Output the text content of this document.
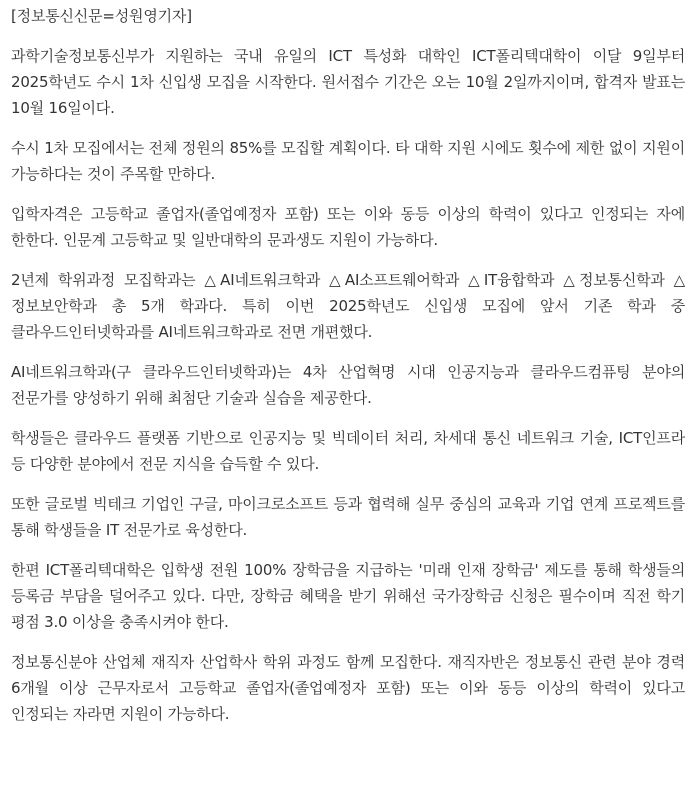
[정보통신신문=성원영기자]

과학기술정보통신부가 지원하는 국내 유일의 ICT 특성화 대학인 ICT폴리텍대학이 이달 9일부터 2025학년도 수시 1차 신입생 모집을 시작한다. 원서접수 기간은 오는 10월 2일까지이며, 합격자 발표는 10월 16일이다.

수시 1차 모집에서는 전체 정원의 85%를 모집할 계획이다. 타 대학 지원 시에도 횟수에 제한 없이 지원이 가능하다는 것이 주목할 만하다.

입학자격은 고등학교 졸업자(졸업예정자 포함) 또는 이와 동등 이상의 학력이 있다고 인정되는 자에 한한다. 인문계 고등학교 및 일반대학의 문과생도 지원이 가능하다.

2년제 학위과정 모집학과는 △AI네트워크학과 △AI소프트웨어학과 △IT융합학과 △정보통신학과 △정보보안학과 총 5개 학과다. 특히 이번 2025학년도 신입생 모집에 앞서 기존 학과 중 클라우드인터넷학과를 AI네트워크학과로 전면 개편했다.

AI네트워크학과(구 클라우드인터넷학과)는 4차 산업혁명 시대 인공지능과 클라우드컴퓨팅 분야의 전문가를 양성하기 위해 최첨단 기술과 실습을 제공한다.

학생들은 클라우드 플랫폼 기반으로 인공지능 및 빅데이터 처리, 차세대 통신 네트워크 기술, ICT인프라 등 다양한 분야에서 전문 지식을 습득할 수 있다.

또한 글로벌 빅테크 기업인 구글, 마이크로소프트 등과 협력해 실무 중심의 교육과 기업 연계 프로젝트를 통해 학생들을 IT 전문가로 육성한다.

한편 ICT폴리텍대학은 입학생 전원 100% 장학금을 지급하는 '미래 인재 장학금' 제도를 통해 학생들의 등록금 부담을 덜어주고 있다. 다만, 장학금 혜택을 받기 위해선 국가장학금 신청은 필수이며 직전 학기 평점 3.0 이상을 충족시켜야 한다.

정보통신분야 산업체 재직자 산업학사 학위 과정도 함께 모집한다. 재직자반은 정보통신 관련 분야 경력 6개월 이상 근무자로서 고등학교 졸업자(졸업예정자 포함) 또는 이와 동등 이상의 학력이 있다고 인정되는 자라면 지원이 가능하다.
